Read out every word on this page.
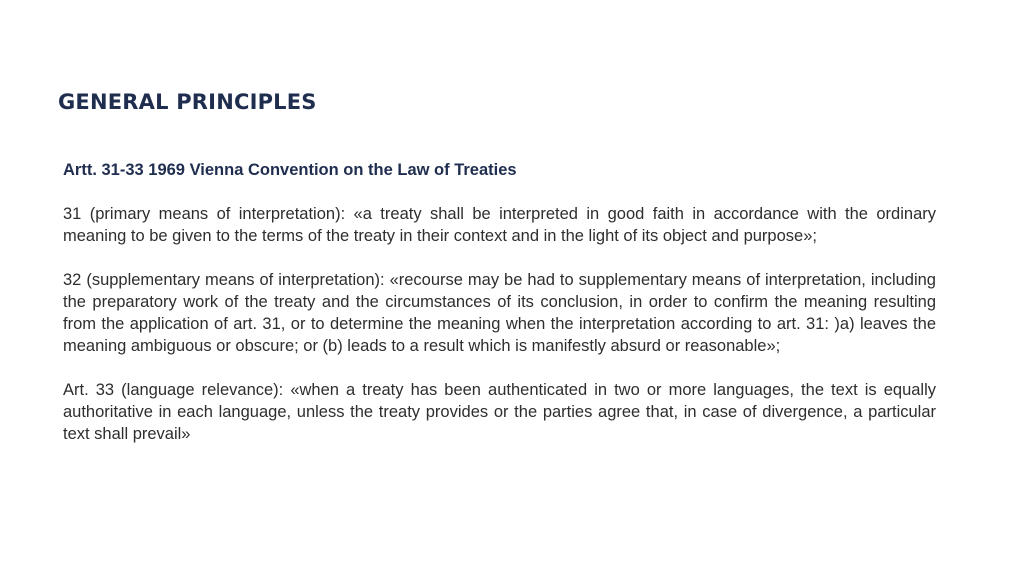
GENERAL PRINCIPLES

Artt. 31-33 1969 Vienna Convention on the Law of Treaties

31 (primary means of interpretation): «a treaty shall be interpreted in good faith in accordance with the ordinary meaning to be given to the terms of the treaty in their context and in the light of its object and purpose»;

32 (supplementary means of interpretation): «recourse may be had to supplementary means of interpretation, including the preparatory work of the treaty and the circumstances of its conclusion, in order to confirm the meaning resulting from the application of art. 31, or to determine the meaning when the interpretation according to art. 31: )a) leaves the meaning ambiguous or obscure; or (b) leads to a result which is manifestly absurd or reasonable»;

Art. 33 (language relevance): «when a treaty has been authenticated in two or more languages, the text is equally authoritative in each language, unless the treaty provides or the parties agree that, in case of divergence, a particular text shall prevail»
